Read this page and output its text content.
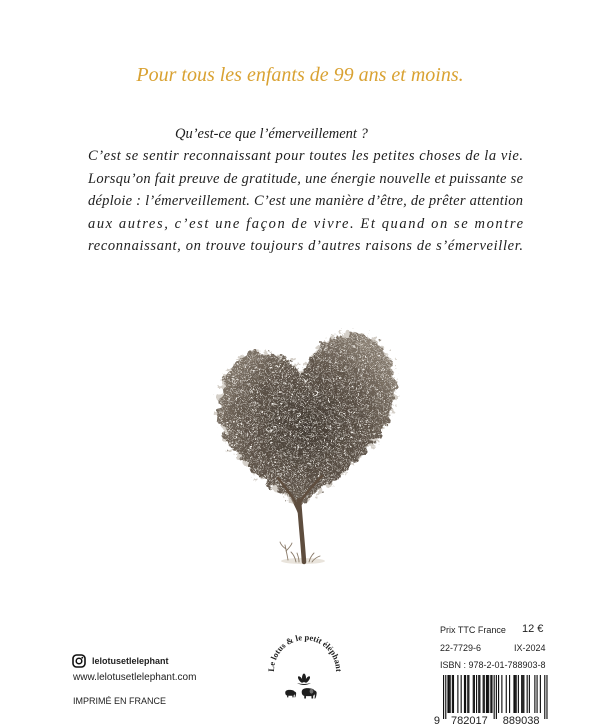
Pour tous les enfants de 99 ans et moins.
Qu’est-ce que l’émerveillement ?
C’est se sentir reconnaissant pour toutes les petites choses de la vie.
Lorsqu’on fait preuve de gratitude, une énergie nouvelle et puissante se
déploie : l’émerveillement. C’est une manière d’être, de prêter attention
aux autres, c’est une façon de vivre. Et quand on se montre
reconnaissant, on trouve toujours d’autres raisons de s’émerveiller.
lelotusetlelephant
www.lelotusetlelephant.com
IMPRIMÉ EN FRANCE
Le lotus & le petit éléphant
Prix TTC France 12 €
22-7729-6	IX-2024
ISBN : 978-2-01-788903-8
9 782017 889038
